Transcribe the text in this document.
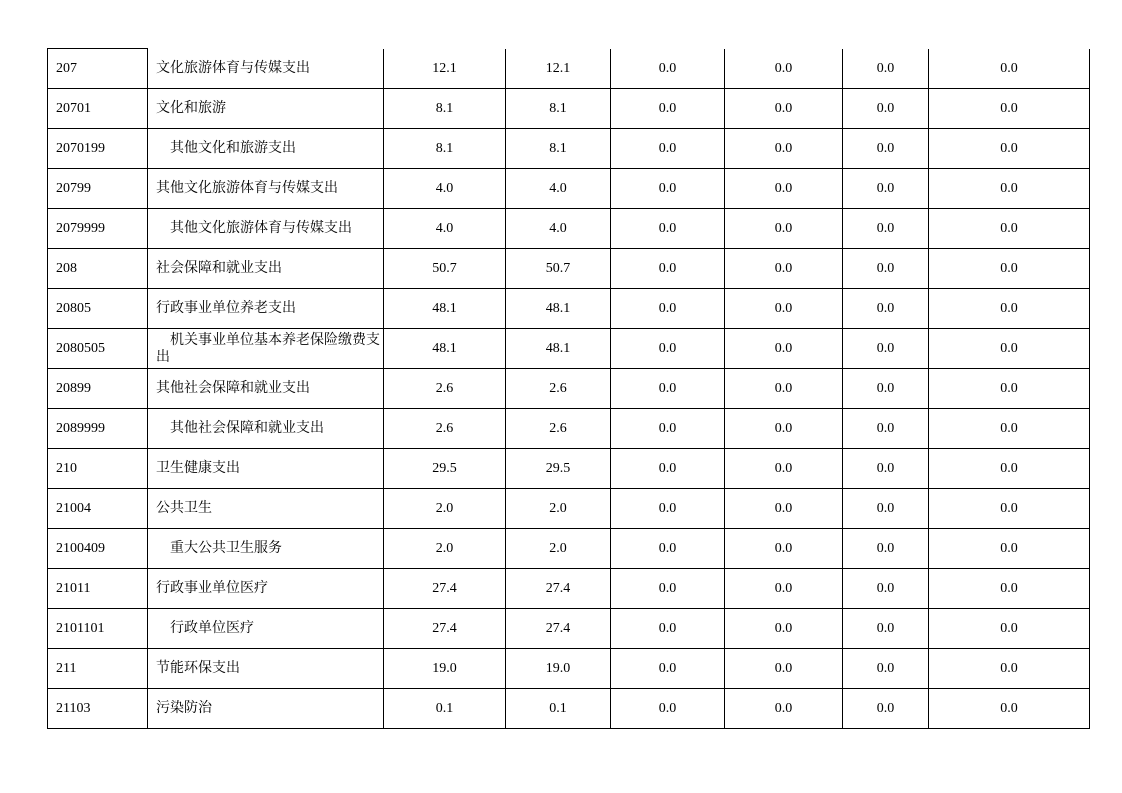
207	文化旅游体育与传媒支出	12.1	12.1	0.0	0.0	0.0	0.0
20701	文化和旅游	8.1	8.1	0.0	0.0	0.0	0.0
2070199	其他文化和旅游支出	8.1	8.1	0.0	0.0	0.0	0.0
20799	其他文化旅游体育与传媒支出	4.0	4.0	0.0	0.0	0.0	0.0
2079999	其他文化旅游体育与传媒支出	4.0	4.0	0.0	0.0	0.0	0.0
208	社会保障和就业支出	50.7	50.7	0.0	0.0	0.0	0.0
20805	行政事业单位养老支出	48.1	48.1	0.0	0.0	0.0	0.0
2080505	机关事业单位基本养老保险缴费支出	48.1	48.1	0.0	0.0	0.0	0.0
20899	其他社会保障和就业支出	2.6	2.6	0.0	0.0	0.0	0.0
2089999	其他社会保障和就业支出	2.6	2.6	0.0	0.0	0.0	0.0
210	卫生健康支出	29.5	29.5	0.0	0.0	0.0	0.0
21004	公共卫生	2.0	2.0	0.0	0.0	0.0	0.0
2100409	重大公共卫生服务	2.0	2.0	0.0	0.0	0.0	0.0
21011	行政事业单位医疗	27.4	27.4	0.0	0.0	0.0	0.0
2101101	行政单位医疗	27.4	27.4	0.0	0.0	0.0	0.0
211	节能环保支出	19.0	19.0	0.0	0.0	0.0	0.0
21103	污染防治	0.1	0.1	0.0	0.0	0.0	0.0
